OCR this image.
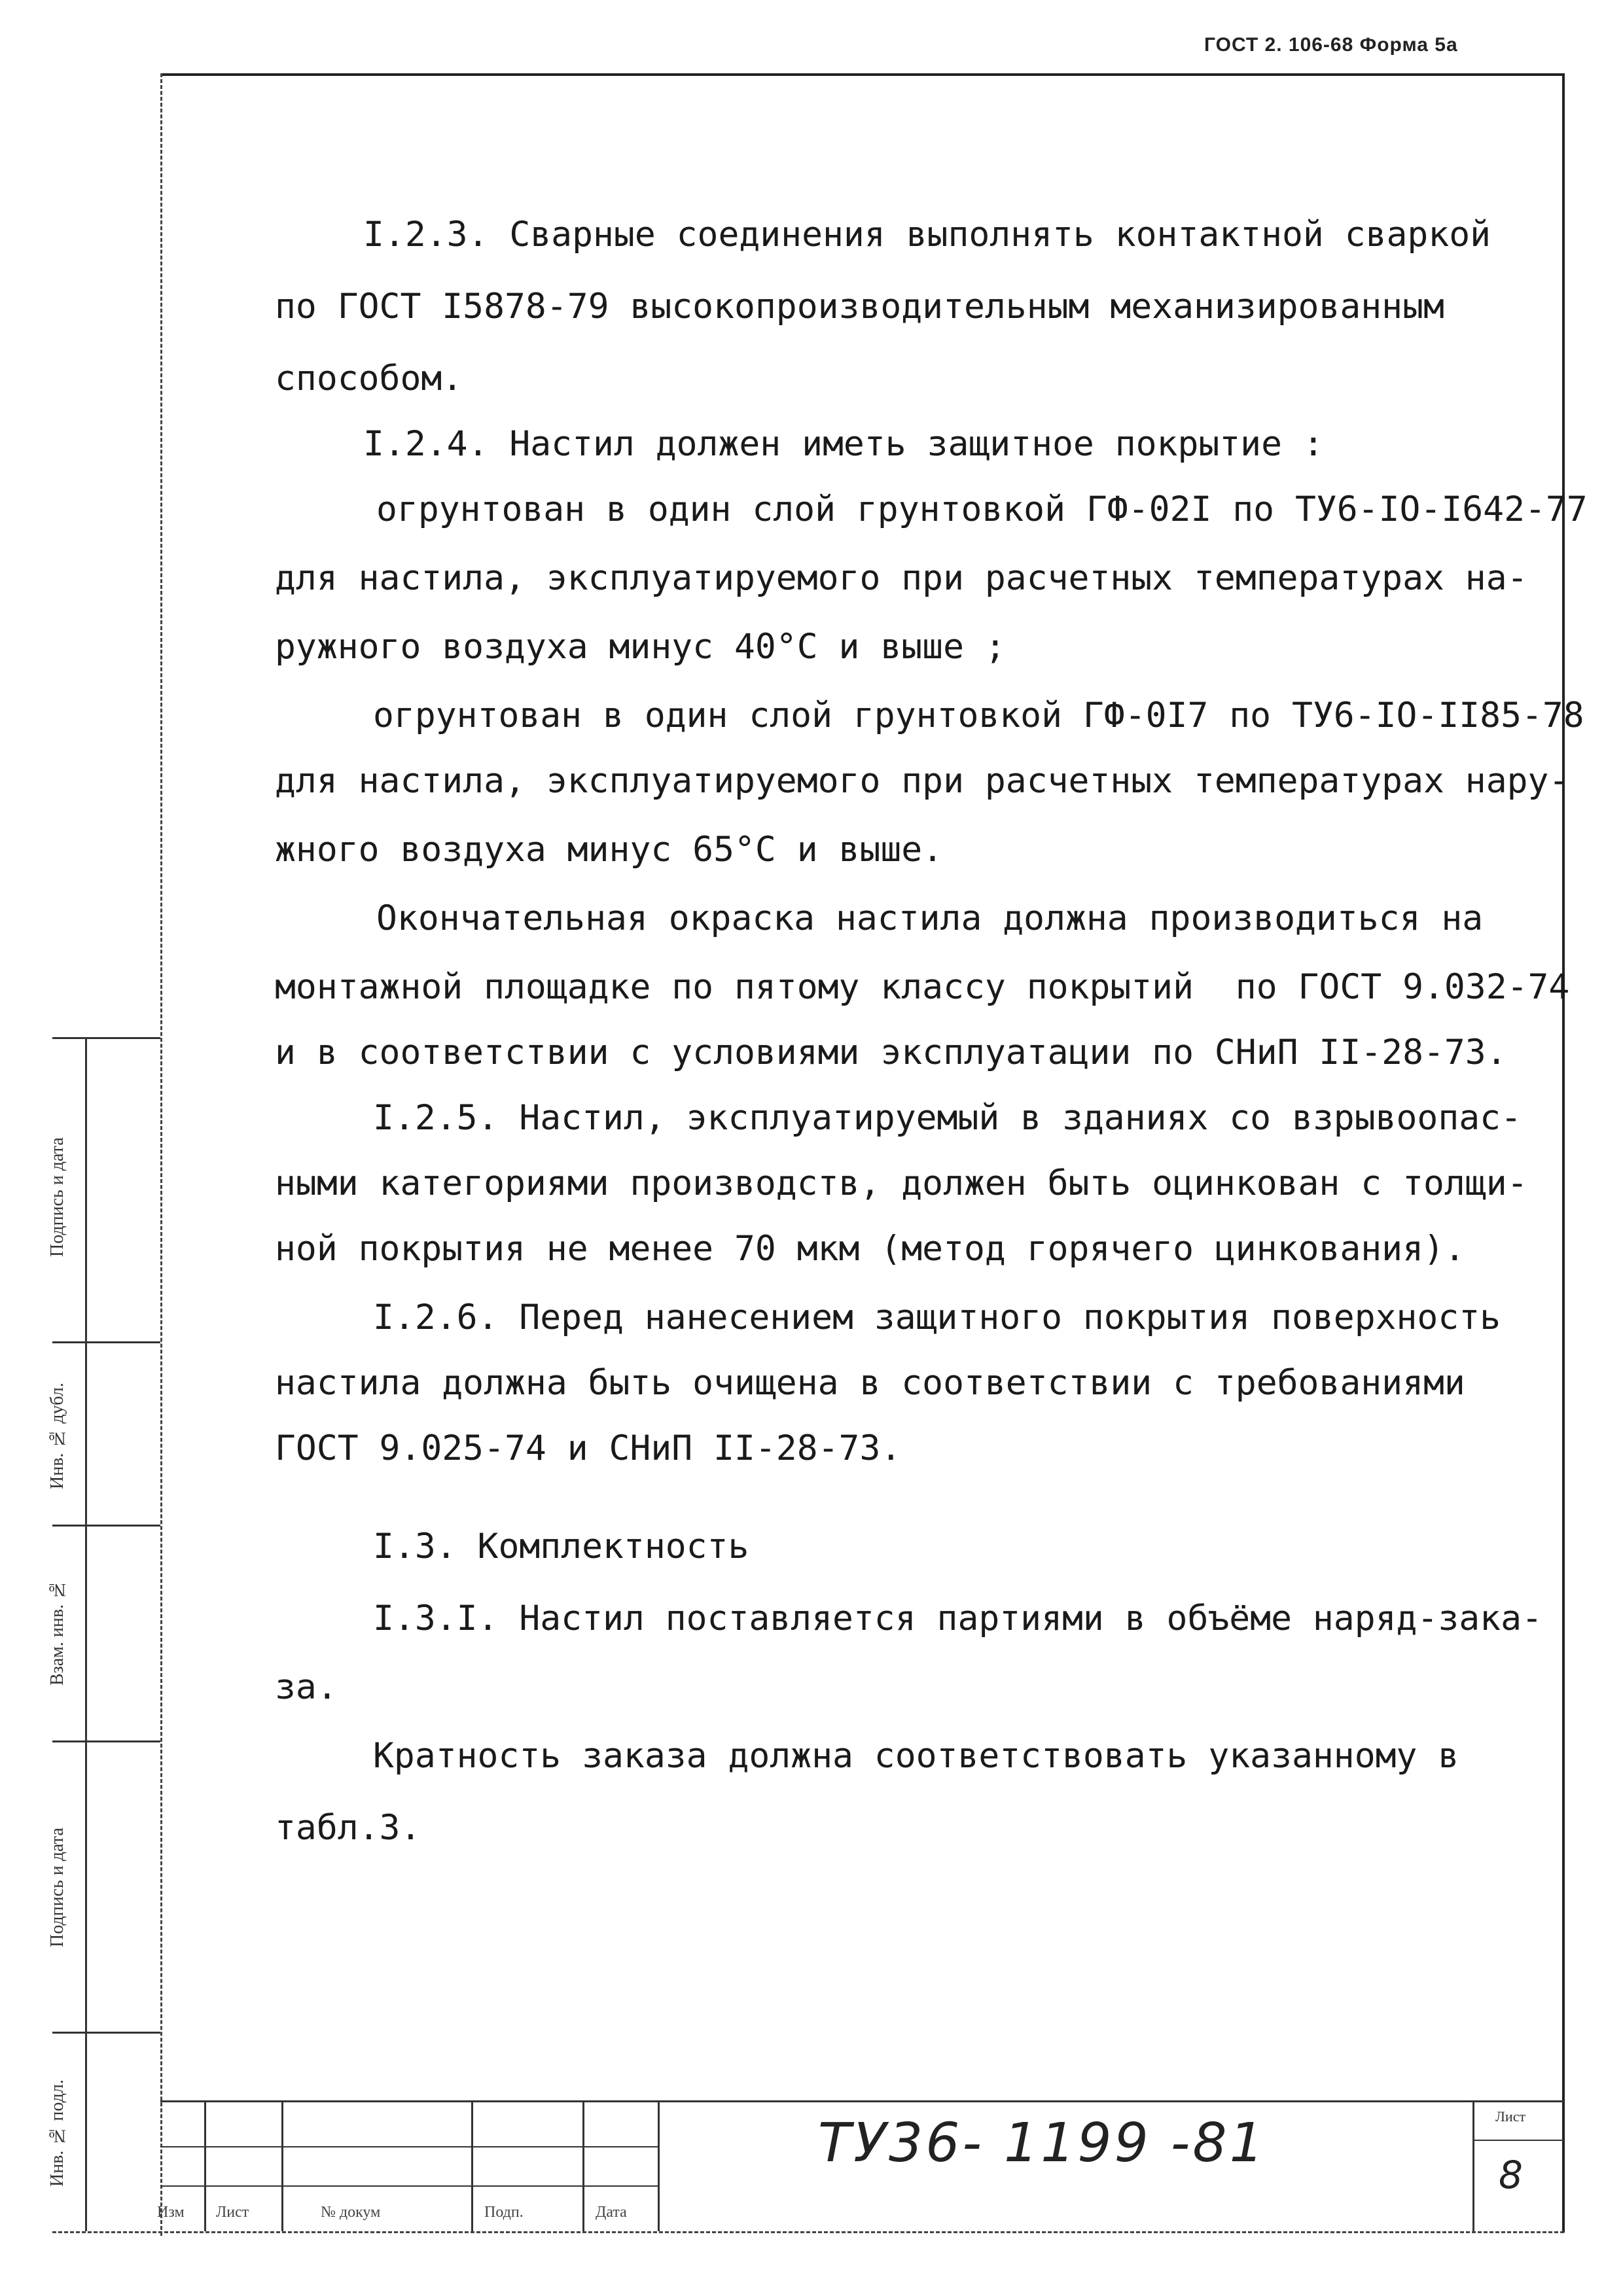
ГОСТ 2. 106-68 Форма 5а
I.2.3. Сварные соединения выполнять контактной сваркой
по ГОСТ I5878-79 высокопроизводительным механизированным
способом.
I.2.4. Настил должен иметь защитное покрытие :
огрунтован в один слой грунтовкой ГФ-02I по ТУ6-IO-I642-77
для настила, эксплуатируемого при расчетных температурах на-
ружного воздуха минус 40°С и выше ;
огрунтован в один слой грунтовкой ГФ-0I7 по ТУ6-IO-II85-78
для настила, эксплуатируемого при расчетных температурах нару-
жного воздуха минус 65°С и выше.
Окончательная окраска настила должна производиться на
монтажной площадке по пятому классу покрытий  по ГОСТ 9.032-74
и в соответствии с условиями эксплуатации по СНиП II-28-73.
I.2.5. Настил, эксплуатируемый в зданиях со взрывоопас-
ными категориями производств, должен быть оцинкован с толщи-
ной покрытия не менее 70 мкм (метод горячего цинкования).
I.2.6. Перед нанесением защитного покрытия поверхность
настила должна быть очищена в соответствии с требованиями
ГОСТ 9.025-74 и СНиП II-28-73.
I.3. Комплектность
I.3.I. Настил поставляется партиями в объёме наряд-зака-
за.
Кратность заказа должна соответствовать указанному в
табл.3.
Подпись и дата
Инв. № дубл.
Взам. инв. №
Подпись и дата
Инв. № подл.
Изм Лист	№ докум	Подп.	Дата
ТУ36- 1199 -81	Лист
8
